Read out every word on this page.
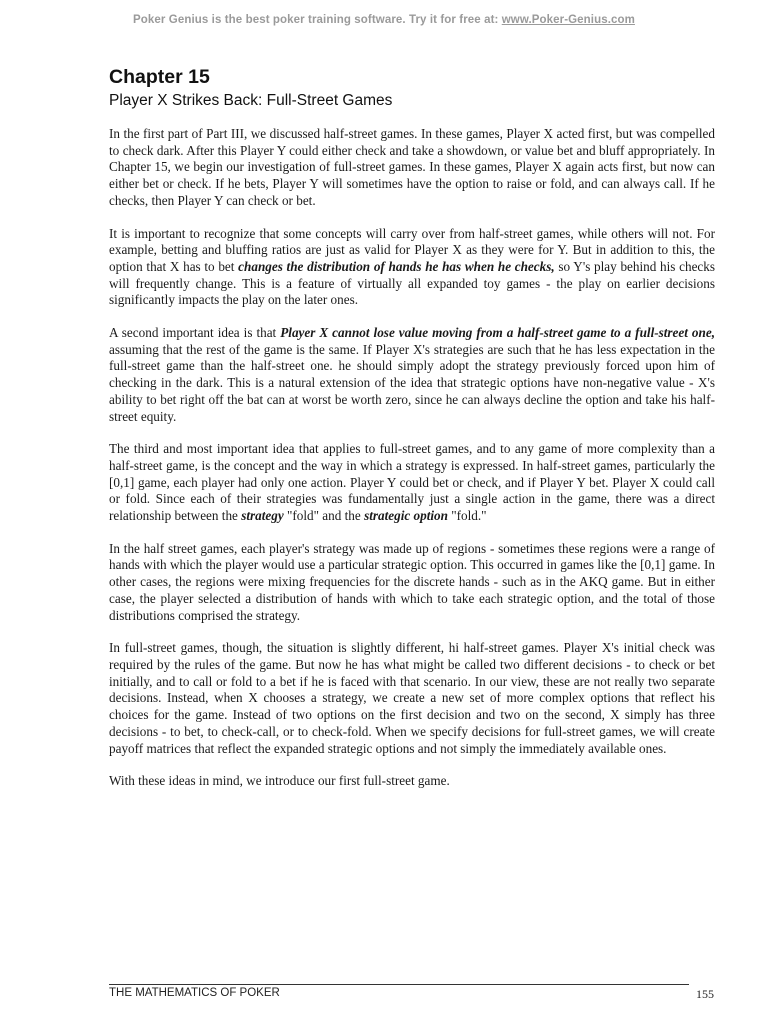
Poker Genius is the best poker training software. Try it for free at: www.Poker-Genius.com
Chapter 15
Player X Strikes Back: Full-Street Games

In the first part of Part III, we discussed half-street games. In these games, Player X acted first, but was compelled to check dark. After this Player Y could either check and take a showdown, or value bet and bluff appropriately. In Chapter 15, we begin our investigation of full-street games. In these games, Player X again acts first, but now can either bet or check. If he bets, Player Y will sometimes have the option to raise or fold, and can always call. If he checks, then Player Y can check or bet.

It is important to recognize that some concepts will carry over from half-street games, while others will not. For example, betting and bluffing ratios are just as valid for Player X as they were for Y. But in addition to this, the option that X has to bet changes the distribution of hands he has when he checks, so Y's play behind his checks will frequently change. This is a feature of virtually all expanded toy games - the play on earlier decisions significantly impacts the play on the later ones.

A second important idea is that Player X cannot lose value moving from a half-street game to a full-street one, assuming that the rest of the game is the same. If Player X's strategies are such that he has less expectation in the full-street game than the half-street one. he should simply adopt the strategy previously forced upon him of checking in the dark. This is a natural extension of the idea that strategic options have non-negative value - X's ability to bet right off the bat can at worst be worth zero, since he can always decline the option and take his half-street equity.

The third and most important idea that applies to full-street games, and to any game of more complexity than a half-street game, is the concept and the way in which a strategy is expressed. In half-street games, particularly the [0,1] game, each player had only one action. Player Y could bet or check, and if Player Y bet. Player X could call or fold. Since each of their strategies was fundamentally just a single action in the game, there was a direct relationship between the strategy "fold" and the strategic option "fold."

In the half street games, each player's strategy was made up of regions - sometimes these regions were a range of hands with which the player would use a particular strategic option. This occurred in games like the [0,1] game. In other cases, the regions were mixing frequencies for the discrete hands - such as in the AKQ game. But in either case, the player selected a distribution of hands with which to take each strategic option, and the total of those distributions comprised the strategy.

In full-street games, though, the situation is slightly different, hi half-street games. Player X's initial check was required by the rules of the game. But now he has what might be called two different decisions - to check or bet initially, and to call or fold to a bet if he is faced with that scenario. In our view, these are not really two separate decisions. Instead, when X chooses a strategy, we create a new set of more complex options that reflect his choices for the game. Instead of two options on the first decision and two on the second, X simply has three decisions - to bet, to check-call, or to check-fold. When we specify decisions for full-street games, we will create payoff matrices that reflect the expanded strategic options and not simply the immediately available ones.

With these ideas in mind, we introduce our first full-street game.

THE MATHEMATICS OF POKER	155
